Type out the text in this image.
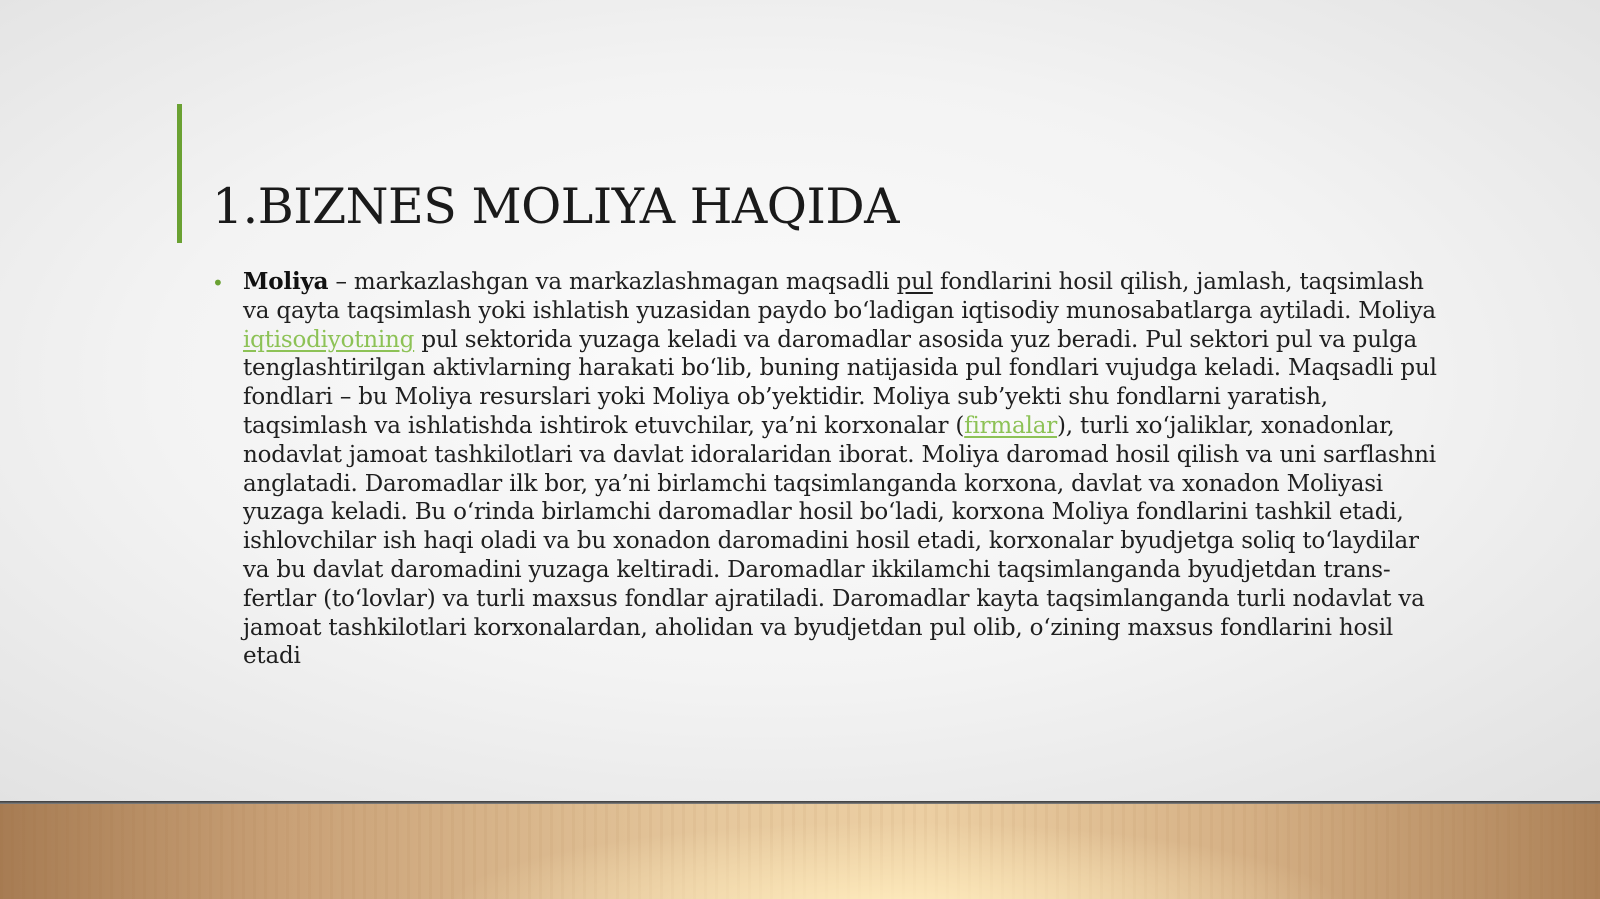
1.BIZNES MOLIYA HAQIDA
• Moliya – markazlashgan va markazlashmagan maqsadli pul fondlarini hosil qilish, jamlash, taqsimlash va qayta taqsimlash yoki ishlatish yuzasidan paydo bo‘ladigan iqtisodiy munosabatlarga aytiladi. Moliya iqtisodiyotning pul sektorida yuzaga keladi va daromadlar asosida yuz beradi. Pul sektori pul va pulga tenglashtirilgan aktivlarning harakati bo‘lib, buning natijasida pul fondlari vujudga keladi. Maqsadli pul fondlari – bu Moliya resurslari yoki Moliya ob’yektidir. Moliya sub’yekti shu fondlarni yaratish, taqsimlash va ishlatishda ishtirok etuvchilar, ya’ni korxonalar (firmalar), turli xo‘jaliklar, xonadonlar, nodavlat jamoat tashkilotlari va davlat idoralaridan iborat. Moliya daromad hosil qilish va uni sarflashni anglatadi. Daromadlar ilk bor, ya’ni birlamchi taqsimlanganda korxona, davlat va xonadon Moliyasi yuzaga keladi. Bu o‘rinda birlamchi daromadlar hosil bo‘ladi, korxona Moliya fondlarini tashkil etadi, ishlovchilar ish haqi oladi va bu xonadon daromadini hosil etadi, korxonalar byudjetga soliq to‘laydilar va bu davlat daromadini yuzaga keltiradi. Daromadlar ikkilamchi taqsimlanganda byudjetdan trans-fertlar (to‘lovlar) va turli maxsus fondlar ajratiladi. Daromadlar kayta taqsimlanganda turli nodavlat va jamoat tashkilotlari korxonalardan, aholidan va byudjetdan pul olib, o‘zining maxsus fondlarini hosil etadi
